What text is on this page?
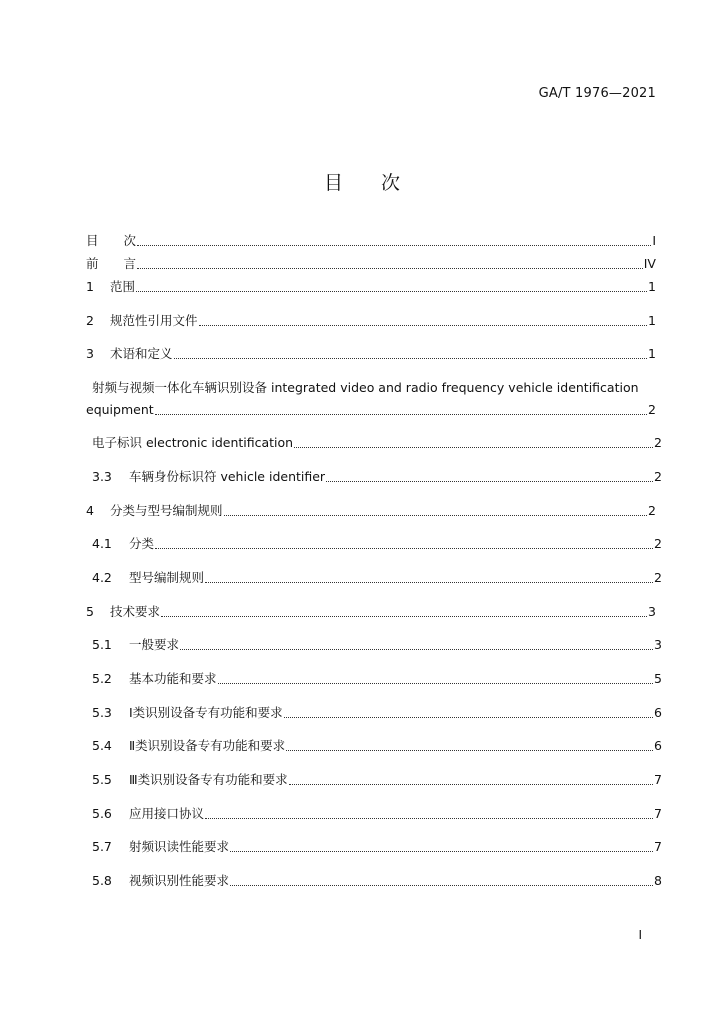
GA/T 1976—2021
目　　次
目　　次	I
前　　言	IV
1	范围	1
2	规范性引用文件	1
3	术语和定义	1
射频与视频一体化车辆识别设备 integrated video and radio frequency vehicle identification
equipment	2
电子标识 electronic identification	2
3.3	车辆身份标识符 vehicle identifier	2
4	分类与型号编制规则	2
4.1	分类	2
4.2	型号编制规则	2
5	技术要求	3
5.1	一般要求	3
5.2	基本功能和要求	5
5.3	Ⅰ类识别设备专有功能和要求	6
5.4	Ⅱ类识别设备专有功能和要求	6
5.5	Ⅲ类识别设备专有功能和要求	7
5.6	应用接口协议	7
5.7	射频识读性能要求	7
5.8	视频识别性能要求	8
I
